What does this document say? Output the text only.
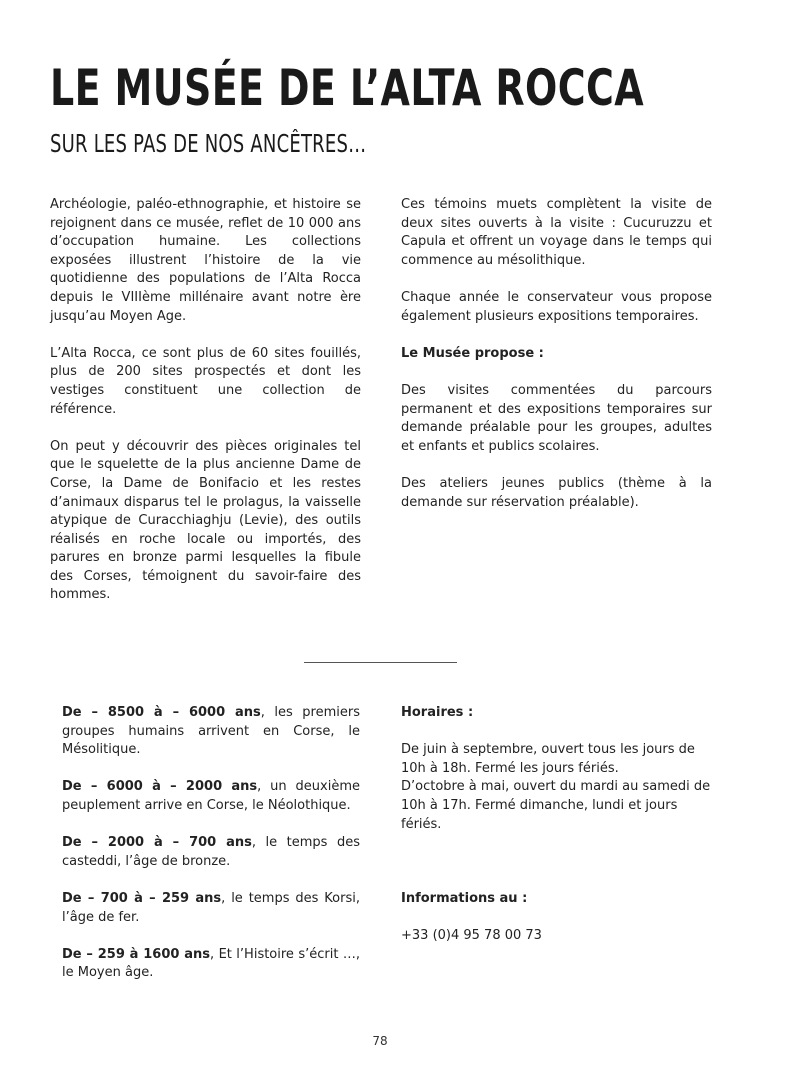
LE MUSÉE DE L’ALTA ROCCA
SUR LES PAS DE NOS ANCÊTRES…

Archéologie, paléo-ethnographie, et histoire se rejoignent dans ce musée, reflet de 10 000 ans d’occupation humaine. Les collections exposées illustrent l’histoire de la vie quotidienne des populations de l’Alta Rocca depuis le VIIIème millénaire avant notre ère jusqu’au Moyen Age.

L’Alta Rocca, ce sont plus de 60 sites fouillés, plus de 200 sites prospectés et dont les vestiges constituent une collection de référence.

On peut y découvrir des pièces originales tel que le squelette de la plus ancienne Dame de Corse, la Dame de Bonifacio et les restes d’animaux disparus tel le prolagus, la vaisselle atypique de Curacchiaghju (Levie), des outils réalisés en roche locale ou importés, des parures en bronze parmi lesquelles la fibule des Corses, témoignent du savoir-faire des hommes.

Ces témoins muets complètent la visite de deux sites ouverts à la visite : Cucuruzzu et Capula et offrent un voyage dans le temps qui commence au mésolithique.

Chaque année le conservateur vous propose également plusieurs expositions temporaires.

Le Musée propose :

Des visites commentées du parcours permanent et des expositions temporaires sur demande préalable pour les groupes, adultes et enfants et publics scolaires.

Des ateliers jeunes publics (thème à la demande sur réservation préalable).

De – 8500 à – 6000 ans, les premiers groupes humains arrivent en Corse, le Mésolitique.

De – 6000 à – 2000 ans, un deuxième peuplement arrive en Corse, le Néolothique.

De – 2000 à – 700 ans, le temps des casteddi, l’âge de bronze.

De – 700 à – 259 ans, le temps des Korsi, l’âge de fer.

De – 259 à 1600 ans, Et l’Histoire s’écrit …, le Moyen âge.

Horaires :

De juin à septembre, ouvert tous les jours de 10h à 18h. Fermé les jours fériés.

D’octobre à mai, ouvert du mardi au samedi de 10h à 17h. Fermé dimanche, lundi et jours fériés.

Informations au :

+33 (0)4 95 78 00 73

78
